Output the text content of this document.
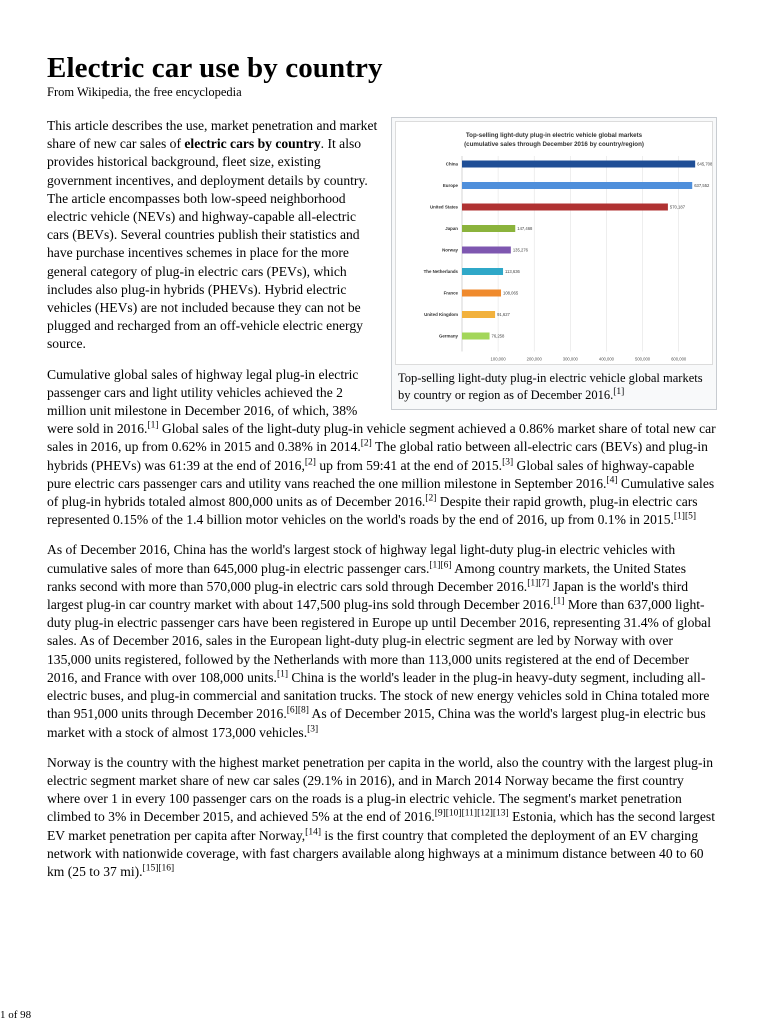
Electric car use by country
From Wikipedia, the free encyclopedia
Top-selling light-duty plug-in electric vehicle global markets
(cumulative sales through December 2016 by country/region)
China	645,708
Europe	637,552
United States	570,187
Japan	147,468
Norway	135,276
The Netherlands	113,636
France	108,065
United Kingdom	91,627
Germany	76,258
100,000	200,000	300,000	400,000	500,000	600,000
Top-selling light-duty plug-in electric vehicle global markets by country or region as of December 2016.[1]

This article describes the use, market penetration and market share of new car sales of electric cars by country. It also provides historical background, fleet size, existing government incentives, and deployment details by country. The article encompasses both low-speed neighborhood electric vehicle (NEVs) and highway-capable all-electric cars (BEVs). Several countries publish their statistics and have purchase incentives schemes in place for the more general category of plug-in electric cars (PEVs), which includes also plug-in hybrids (PHEVs). Hybrid electric vehicles (HEVs) are not included because they can not be plugged and recharged from an off-vehicle electric energy source.

Cumulative global sales of highway legal plug-in electric passenger cars and light utility vehicles achieved the 2 million unit milestone in December 2016, of which, 38% were sold in 2016.[1] Global sales of the light-duty plug-in vehicle segment achieved a 0.86% market share of total new car sales in 2016, up from 0.62% in 2015 and 0.38% in 2014.[2] The global ratio between all-electric cars (BEVs) and plug-in hybrids (PHEVs) was 61:39 at the end of 2016,[2] up from 59:41 at the end of 2015.[3] Global sales of highway-capable pure electric cars passenger cars and utility vans reached the one million milestone in September 2016.[4] Cumulative sales of plug-in hybrids totaled almost 800,000 units as of December 2016.[2] Despite their rapid growth, plug-in electric cars represented 0.15% of the 1.4 billion motor vehicles on the world's roads by the end of 2016, up from 0.1% in 2015.[1][5]

As of December 2016, China has the world's largest stock of highway legal light-duty plug-in electric vehicles with cumulative sales of more than 645,000 plug-in electric passenger cars.[1][6] Among country markets, the United States ranks second with more than 570,000 plug-in electric cars sold through December 2016.[1][7] Japan is the world's third largest plug-in car country market with about 147,500 plug-ins sold through December 2016.[1] More than 637,000 light-duty plug-in electric passenger cars have been registered in Europe up until December 2016, representing 31.4% of global sales. As of December 2016, sales in the European light-duty plug-in electric segment are led by Norway with over 135,000 units registered, followed by the Netherlands with more than 113,000 units registered at the end of December 2016, and France with over 108,000 units.[1] China is the world's leader in the plug-in heavy-duty segment, including all-electric buses, and plug-in commercial and sanitation trucks. The stock of new energy vehicles sold in China totaled more than 951,000 units through December 2016.[6][8] As of December 2015, China was the world's largest plug-in electric bus market with a stock of almost 173,000 vehicles.[3]

Norway is the country with the highest market penetration per capita in the world, also the country with the largest plug-in electric segment market share of new car sales (29.1% in 2016), and in March 2014 Norway became the first country where over 1 in every 100 passenger cars on the roads is a plug-in electric vehicle. The segment's market penetration climbed to 3% in December 2015, and achieved 5% at the end of 2016.[9][10][11][12][13] Estonia, which has the second largest EV market penetration per capita after Norway,[14] is the first country that completed the deployment of an EV charging network with nationwide coverage, with fast chargers available along highways at a minimum distance between 40 to 60 km (25 to 37 mi).[15][16]

1 of 98
